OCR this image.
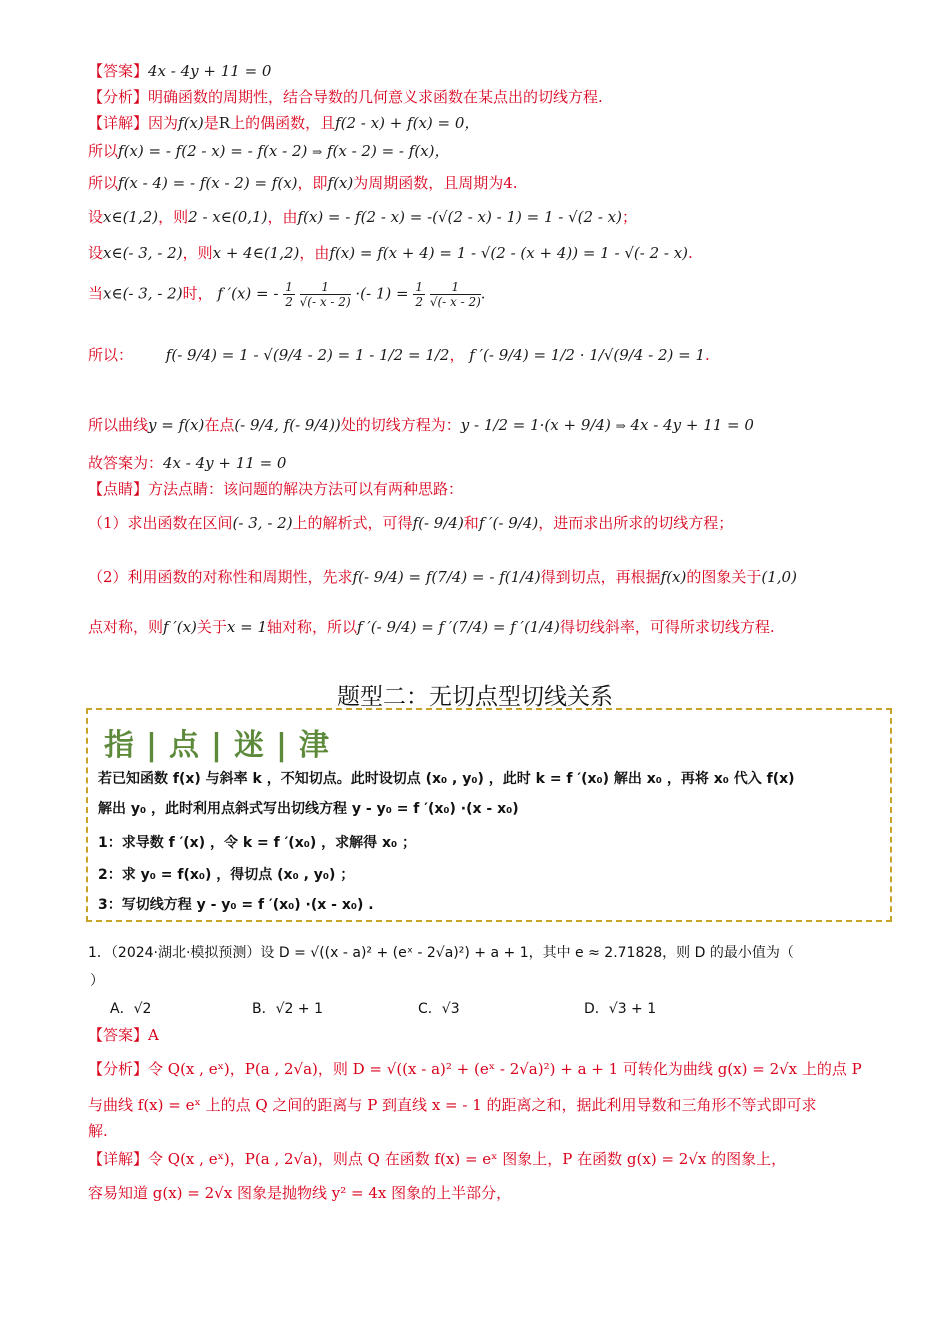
【答案】4x - 4y + 11 = 0
【分析】明确函数的周期性，结合导数的几何意义求函数在某点出的切线方程.
【详解】因为f(x)是R上的偶函数，且f(2 - x) + f(x) = 0，
所以f(x) = - f(2 - x) = - f(x - 2) ⇒ f(x - 2) = - f(x)，
所以f(x - 4) = - f(x - 2) = f(x)，即f(x)为周期函数，且周期为4.
设x∈(1,2)，则2 - x∈(0,1)，由f(x) = - f(2 - x) = -(√(2 - x) - 1) = 1 - √(2 - x)；
设x∈(- 3, - 2)，则x + 4∈(1,2)，由f(x) = f(x + 4) = 1 - √(2 - (x + 4)) = 1 - √(- 2 - x).
当x∈(- 3, - 2)时， f ′(x) = - $\frac{1}{2}$
$\frac{1}{√(- x - 2)}$ ·(- $1) = \frac{1}{2}$
$\frac{1}{√(- x - 2)}$ .
所以： f(- 9/4) = 1 - √(9/4 - 2) = 1 - 1/2 = 1/2， f ′(- 9/4) = 1/2 · 1/√(9/4 - 2) = 1.
所以曲线y = f(x)在点(- 9/4, f(- 9/4))处的切线方程为：y - 1/2 = 1·(x + 9/4) ⇒ 4x - 4y + 11 = 0
故答案为：4x - 4y + 11 = 0
【点睛】方法点睛：该问题的解决方法可以有两种思路：
（1）求出函数在区间(- 3, - 2)上的解析式，可得f(- 9/4)和f ′(- 9/4)，进而求出所求的切线方程；
（2）利用函数的对称性和周期性，先求f(- 9/4) = f(7/4) = - f(1/4)得到切点，再根据f(x)的图象关于(1,0)
点对称，则f ′(x)关于x = 1轴对称，所以f ′(- 9/4) = f ′(7/4) = f ′(1/4)得切线斜率，可得所求切线方程.
题型二：无切点型切线关系
指 | 点 | 迷 | 津
若已知函数 f(x) 与斜率 k ，不知切点。此时设切点 (x₀ , y₀) ，此时 k = f ′(x₀) 解出 x₀ ，再将 x₀ 代入 f(x)
解出 y₀ ，此时利用点斜式写出切线方程 y - y₀ = f ′(x₀) ·(x - x₀)
1：求导数 f ′(x) ，令 k = f ′(x₀) ，求解得 x₀ ；
2：求 y₀ = f(x₀) ，得切点 (x₀ , y₀) ；
3：写切线方程 y - y₀ = f ′(x₀) ·(x - x₀) .
1．（2024·湖北·模拟预测）设 D = √((x - a)² + (eˣ - 2√a)²) + a + 1，其中 e ≈ 2.71828，则 D 的最小值为（
）
A．√2	B．√2 + 1	C．√3	D．√3 + 1
【答案】A
【分析】令 Q(x , eˣ)，P(a , 2√a)，则 D = √((x - a)² + (eˣ - 2√a)²) + a + 1 可转化为曲线 g(x) = 2√x 上的点 P
与曲线 f(x) = eˣ 上的点 Q 之间的距离与 P 到直线 x = - 1 的距离之和，据此利用导数和三角形不等式即可求
解.
【详解】令 Q(x , eˣ)，P(a , 2√a)，则点 Q 在函数 f(x) = eˣ 图象上，P 在函数 g(x) = 2√x 的图象上，
容易知道 g(x) = 2√x 图象是抛物线 y² = 4x 图象的上半部分，
